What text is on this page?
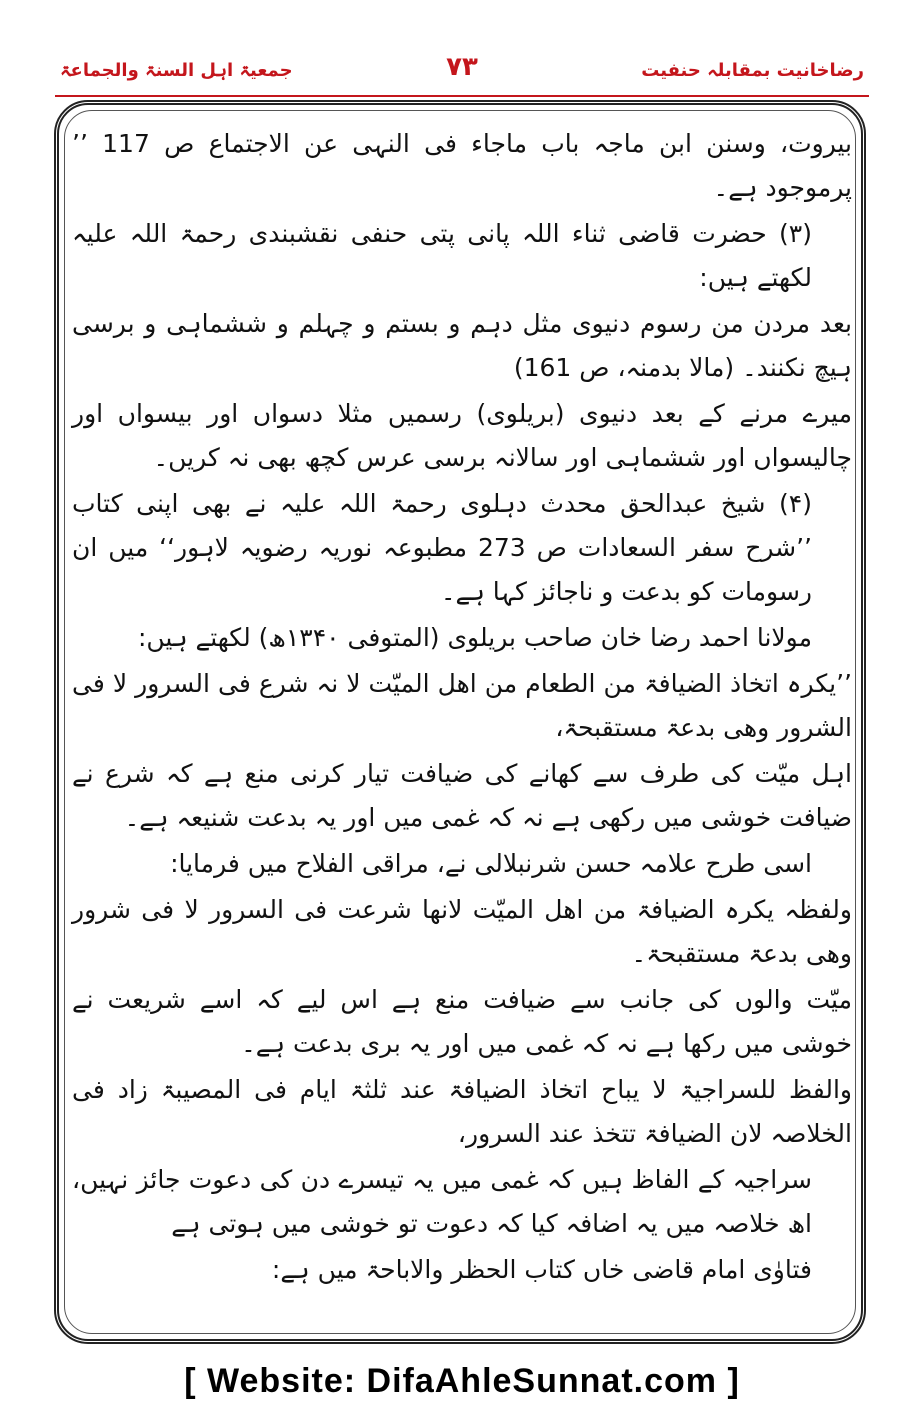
جمعیۃ اہل السنۃ والجماعۃ	۷۳	رضاخانیت بمقابلہ حنفیت

بیروت، وسنن ابن ماجہ باب ماجاء فی النہی عن الاجتماع ص 117 ’’ پرموجود ہے۔

(۳) حضرت قاضی ثناء اللہ پانی پتی حنفی نقشبندی رحمۃ اللہ علیہ لکھتے ہیں:

بعد مردن من رسوم دنیوی مثل دہم و بستم و چہلم و ششماہی و برسی ہیچ نکنند۔ (مالا بدمنہ، ص 161)

میرے مرنے کے بعد دنیوی (بریلوی) رسمیں مثلا دسواں اور بیسواں اور چالیسواں اور ششماہی اور سالانہ برسی عرس کچھ بھی نہ کریں۔

(۴) شیخ عبدالحق محدث دہلوی رحمۃ اللہ علیہ نے بھی اپنی کتاب ’’شرح سفر السعادات ص 273 مطبوعہ نوریہ رضویہ لاہور‘‘ میں ان رسومات کو بدعت و ناجائز کہا ہے۔

مولانا احمد رضا خان صاحب بریلوی (المتوفی ۱۳۴۰ھ) لکھتے ہیں:

’’یکرہ اتخاذ الضیافۃ من الطعام من اھل المیّت لا نہ شرع فی السرور لا فی الشرور وھی بدعۃ مستقبحۃ،

اہل میّت کی طرف سے کھانے کی ضیافت تیار کرنی منع ہے کہ شرع نے ضیافت خوشی میں رکھی ہے نہ کہ غمی میں اور یہ بدعت شنیعہ ہے۔

اسی طرح علامہ حسن شرنبلالی نے، مراقی الفلاح میں فرمایا:

ولفظہ یکرہ الضیافۃ من اھل المیّت لانھا شرعت فی السرور لا فی شرور وھی بدعۃ مستقبحۃ۔

میّت والوں کی جانب سے ضیافت منع ہے اس لیے کہ اسے شریعت نے خوشی میں رکھا ہے نہ کہ غمی میں اور یہ بری بدعت ہے۔

والفظ للسراجیۃ لا یباح اتخاذ الضیافۃ عند ثلثۃ ایام فی المصیبۃ زاد فی الخلاصہ لان الضیافۃ تتخذ عند السرور،

سراجیہ کے الفاظ ہیں کہ غمی میں یہ تیسرے دن کی دعوت جائز نہیں، اھ خلاصہ میں یہ اضافہ کیا کہ دعوت تو خوشی میں ہوتی ہے

فتاوٰی امام قاضی خاں کتاب الحظر والاباحۃ میں ہے:

[ Website: DifaAhleSunnat.com ]
